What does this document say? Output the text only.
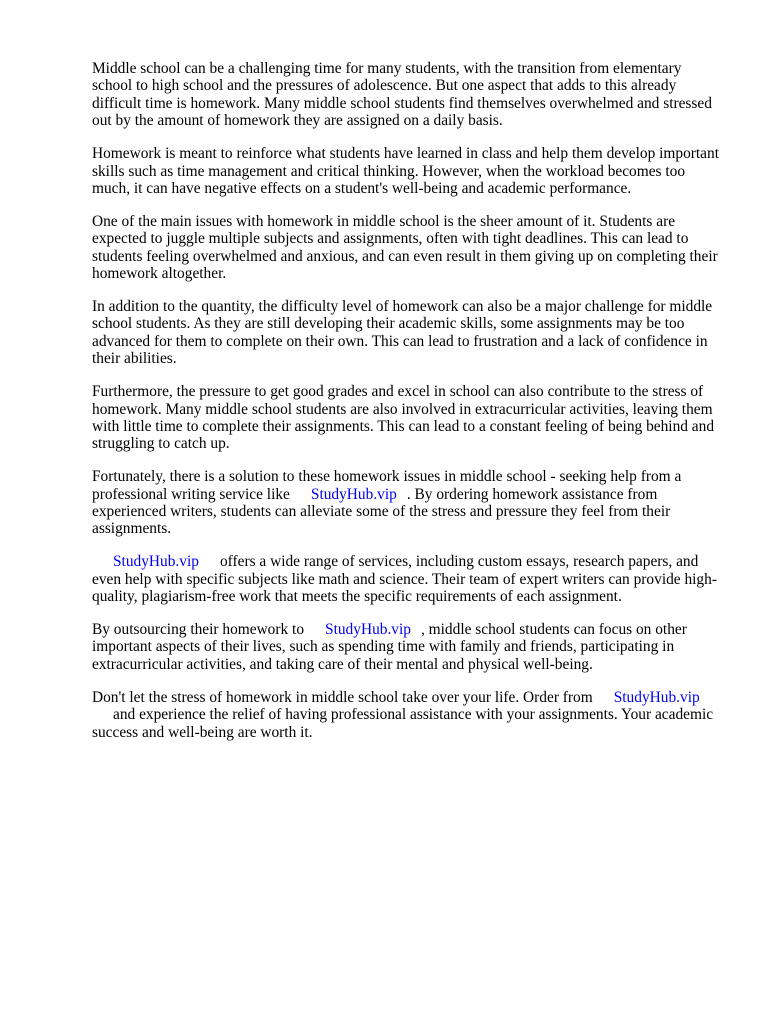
Middle school can be a challenging time for many students, with the transition from elementary school to high school and the pressures of adolescence. But one aspect that adds to this already difficult time is homework. Many middle school students find themselves overwhelmed and stressed out by the amount of homework they are assigned on a daily basis.

Homework is meant to reinforce what students have learned in class and help them develop important skills such as time management and critical thinking. However, when the workload becomes too much, it can have negative effects on a student's well-being and academic performance.

One of the main issues with homework in middle school is the sheer amount of it. Students are expected to juggle multiple subjects and assignments, often with tight deadlines. This can lead to students feeling overwhelmed and anxious, and can even result in them giving up on completing their homework altogether.

In addition to the quantity, the difficulty level of homework can also be a major challenge for middle school students. As they are still developing their academic skills, some assignments may be too advanced for them to complete on their own. This can lead to frustration and a lack of confidence in their abilities.

Furthermore, the pressure to get good grades and excel in school can also contribute to the stress of homework. Many middle school students are also involved in extracurricular activities, leaving them with little time to complete their assignments. This can lead to a constant feeling of being behind and struggling to catch up.

Fortunately, there is a solution to these homework issues in middle school - seeking help from a professional writing service like StudyHub.vip . By ordering homework assistance from experienced writers, students can alleviate some of the stress and pressure they feel from their assignments.

StudyHub.vip offers a wide range of services, including custom essays, research papers, and even help with specific subjects like math and science. Their team of expert writers can provide high-quality, plagiarism-free work that meets the specific requirements of each assignment.

By outsourcing their homework to StudyHub.vip , middle school students can focus on other important aspects of their lives, such as spending time with family and friends, participating in extracurricular activities, and taking care of their mental and physical well-being.

Don't let the stress of homework in middle school take over your life. Order from StudyHub.vip
and experience the relief of having professional assistance with your assignments. Your academic success and well-being are worth it.
